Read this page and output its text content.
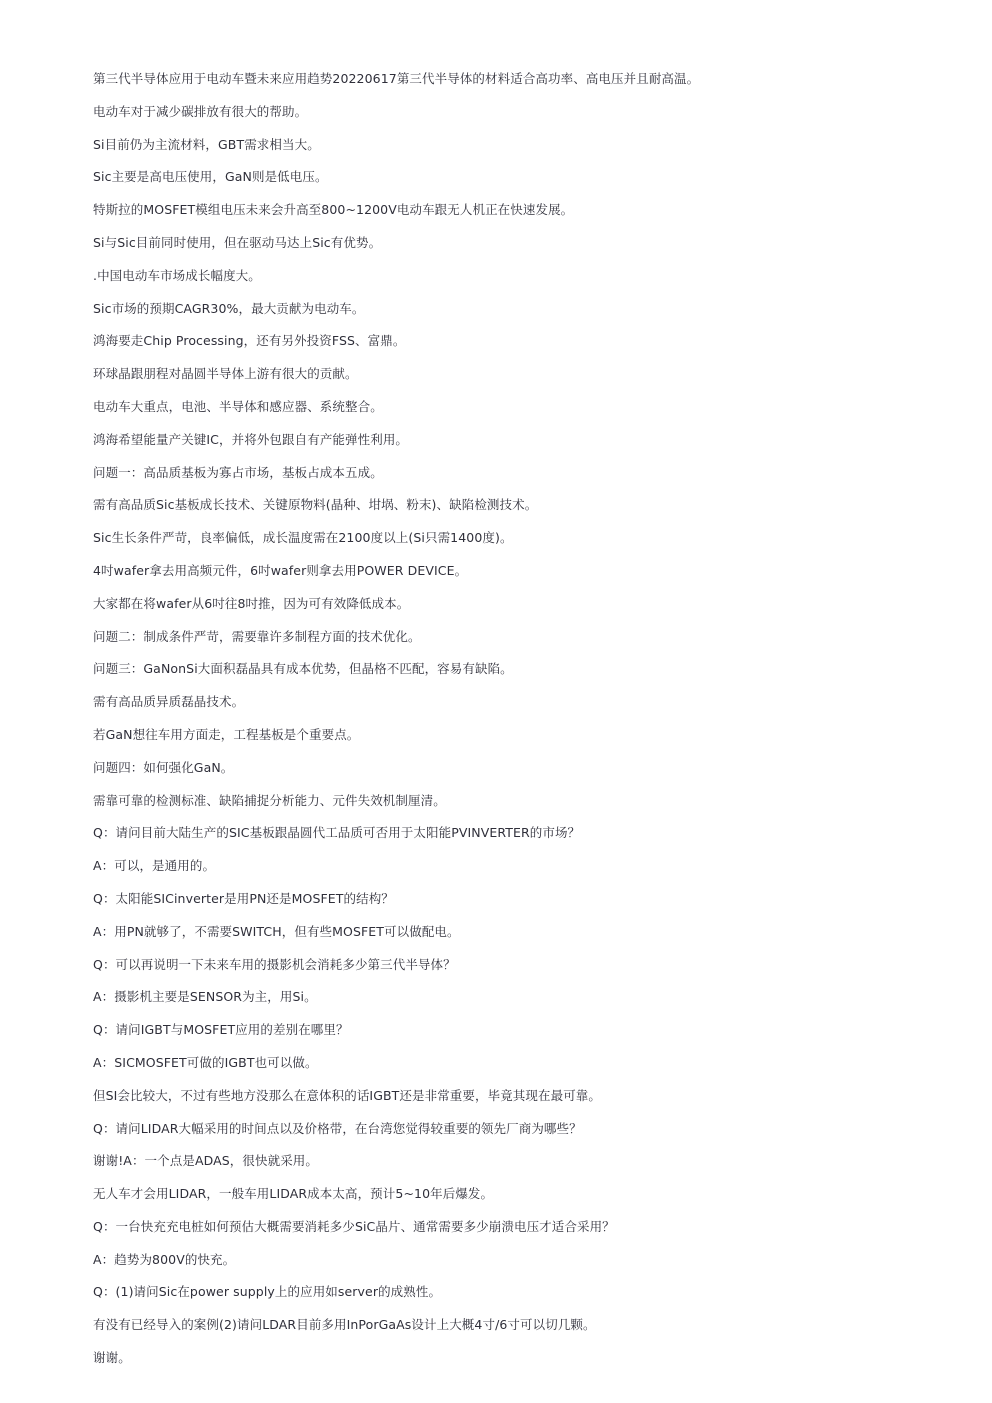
第三代半导体应用于电动车暨未来应用趋势20220617第三代半导体的材料适合高功率、高电压并且耐高温。
电动车对于减少碳排放有很大的帮助。
Si目前仍为主流材料，GBT需求相当大。
Sic主要是高电压使用，GaN则是低电压。
特斯拉的MOSFET模组电压未来会升高至800~1200V电动车跟无人机正在快速发展。
Si与Sic目前同时使用，但在驱动马达上Sic有优势。
.中国电动车市场成长幅度大。
Sic市场的预期CAGR30%，最大贡献为电动车。
鸿海要走Chip Processing，还有另外投资FSS、富鼎。
环球晶跟朋程对晶圆半导体上游有很大的贡献。
电动车大重点，电池、半导体和感应器、系统整合。
鸿海希望能量产关键IC，并将外包跟自有产能弹性利用。
问题一：高品质基板为寡占市场，基板占成本五成。
需有高品质Sic基板成长技术、关键原物料(晶种、坩埚、粉末)、缺陷检测技术。
Sic生长条件严苛，良率偏低，成长温度需在2100度以上(Si只需1400度)。
4吋wafer拿去用高频元件，6吋wafer则拿去用POWER DEVICE。
大家都在将wafer从6吋往8吋推，因为可有效降低成本。
问题二：制成条件严苛，需要靠许多制程方面的技术优化。
问题三：GaNonSi大面积磊晶具有成本优势，但晶格不匹配，容易有缺陷。
需有高品质异质磊晶技术。
若GaN想往车用方面走，工程基板是个重要点。
问题四：如何强化GaN。
需靠可靠的检测标准、缺陷捕捉分析能力、元件失效机制厘清。
Q：请问目前大陆生产的SIC基板跟晶圆代工品质可否用于太阳能PVINVERTER的市场？
A：可以，是通用的。
Q：太阳能SICinverter是用PN还是MOSFET的结构？
A：用PN就够了，不需要SWITCH，但有些MOSFET可以做配电。
Q：可以再说明一下未来车用的摄影机会消耗多少第三代半导体？
A：摄影机主要是SENSOR为主，用Si。
Q：请问IGBT与MOSFET应用的差别在哪里？
A：SICMOSFET可做的IGBT也可以做。
但SI会比较大，不过有些地方没那么在意体积的话IGBT还是非常重要，毕竟其现在最可靠。
Q：请问LIDAR大幅采用的时间点以及价格带，在台湾您觉得较重要的领先厂商为哪些？
谢谢!A：一个点是ADAS，很快就采用。
无人车才会用LIDAR，一般车用LIDAR成本太高，预计5~10年后爆发。
Q：一台快充充电桩如何预估大概需要消耗多少SiC晶片、通常需要多少崩溃电压才适合采用？
A：趋势为800V的快充。
Q：(1)请问Sic在power supply上的应用如server的成熟性。
有没有已经导入的案例(2)请问LDAR目前多用InPorGaAs设计上大概4寸/6寸可以切几颗。
谢谢。
